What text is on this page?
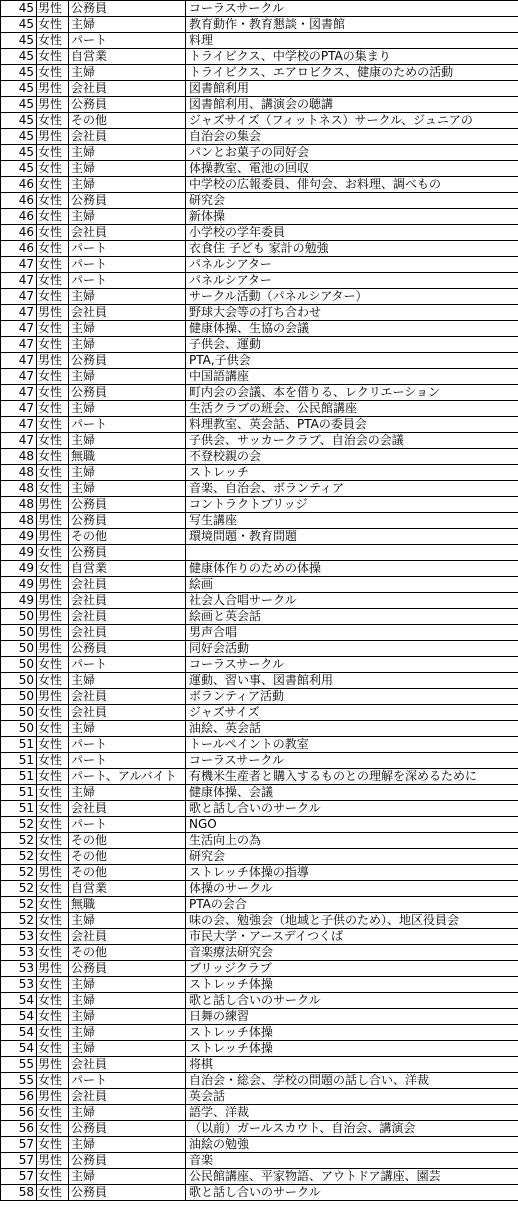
45	男性	公務員	コーラスサークル
45	女性	主婦	教育動作・教育懇談・図書館
45	女性	パート	料理
45	女性	自営業	トライビクス、中学校のPTAの集まり
45	女性	主婦	トライビクス、エアロビクス、健康のための活動
45	男性	会社員	図書館利用
45	男性	公務員	図書館利用、講演会の聴講
45	女性	その他	ジャズサイズ（フィットネス）サークル、ジュニアの
45	男性	会社員	自治会の集会
45	女性	主婦	パンとお菓子の同好会
45	女性	主婦	体操教室、電池の回収
46	女性	主婦	中学校の広報委員、俳句会、お料理、調べもの
46	女性	公務員	研究会
46	女性	主婦	新体操
46	女性	会社員	小学校の学年委員
46	女性	パート	衣食住 子ども 家計の勉強
47	女性	パート	パネルシアター
47	女性	パート	パネルシアター
47	女性	主婦	サークル活動（パネルシアター）
47	男性	会社員	野球大会等の打ち合わせ
47	女性	主婦	健康体操、生協の会議
47	女性	主婦	子供会、運動
47	男性	公務員	PTA,子供会
47	女性	主婦	中国語講座
47	女性	公務員	町内会の会議、本を借りる、レクリエーション
47	女性	主婦	生活クラブの班会、公民館講座
47	女性	パート	料理教室、英会話、PTAの委員会
47	女性	主婦	子供会、サッカークラブ、自治会の会議
48	女性	無職	不登校親の会
48	女性	主婦	ストレッチ
48	女性	主婦	音楽、自治会、ボランティア
48	男性	公務員	コントラクトブリッジ
48	男性	公務員	写生講座
49	男性	その他	環境問題・教育問題
49	女性	公務員	
49	女性	自営業	健康体作りのための体操
49	男性	会社員	絵画
49	男性	会社員	社会人合唱サークル
50	男性	会社員	絵画と英会話
50	男性	会社員	男声合唱
50	男性	公務員	同好会活動
50	女性	パート	コーラスサークル
50	女性	主婦	運動、習い事、図書館利用
50	男性	会社員	ボランティア活動
50	女性	会社員	ジャズサイズ
50	女性	主婦	油絵、英会話
51	女性	パート	トールペイントの教室
51	女性	パート	コーラスサークル
51	女性	パート、アルバイト	有機米生産者と購入するものとの理解を深めるために
51	女性	主婦	健康体操、会議
51	女性	会社員	歌と話し合いのサークル
52	女性	パート	NGO
52	女性	その他	生活向上の為
52	女性	その他	研究会
52	男性	その他	ストレッチ体操の指導
52	女性	自営業	体操のサークル
52	女性	無職	PTAの会合
52	女性	主婦	味の会、勉強会（地域と子供のため）、地区役員会
53	女性	会社員	市民大学・アースデイつくば
53	女性	その他	音楽療法研究会
53	男性	公務員	ブリッジクラブ
53	女性	主婦	ストレッチ体操
54	女性	主婦	歌と話し合いのサークル
54	女性	主婦	日舞の練習
54	女性	主婦	ストレッチ体操
54	女性	主婦	ストレッチ体操
55	男性	会社員	将棋
55	女性	パート	自治会・総会、学校の問題の話し合い、洋裁
56	男性	会社員	英会話
56	女性	主婦	語学、洋裁
56	女性	公務員	（以前）ガールスカウト、自治会、講演会
57	女性	主婦	油絵の勉強
57	男性	公務員	音楽
57	女性	主婦	公民館講座、平家物語、アウトドア講座、園芸
58	女性	公務員	歌と話し合いのサークル
